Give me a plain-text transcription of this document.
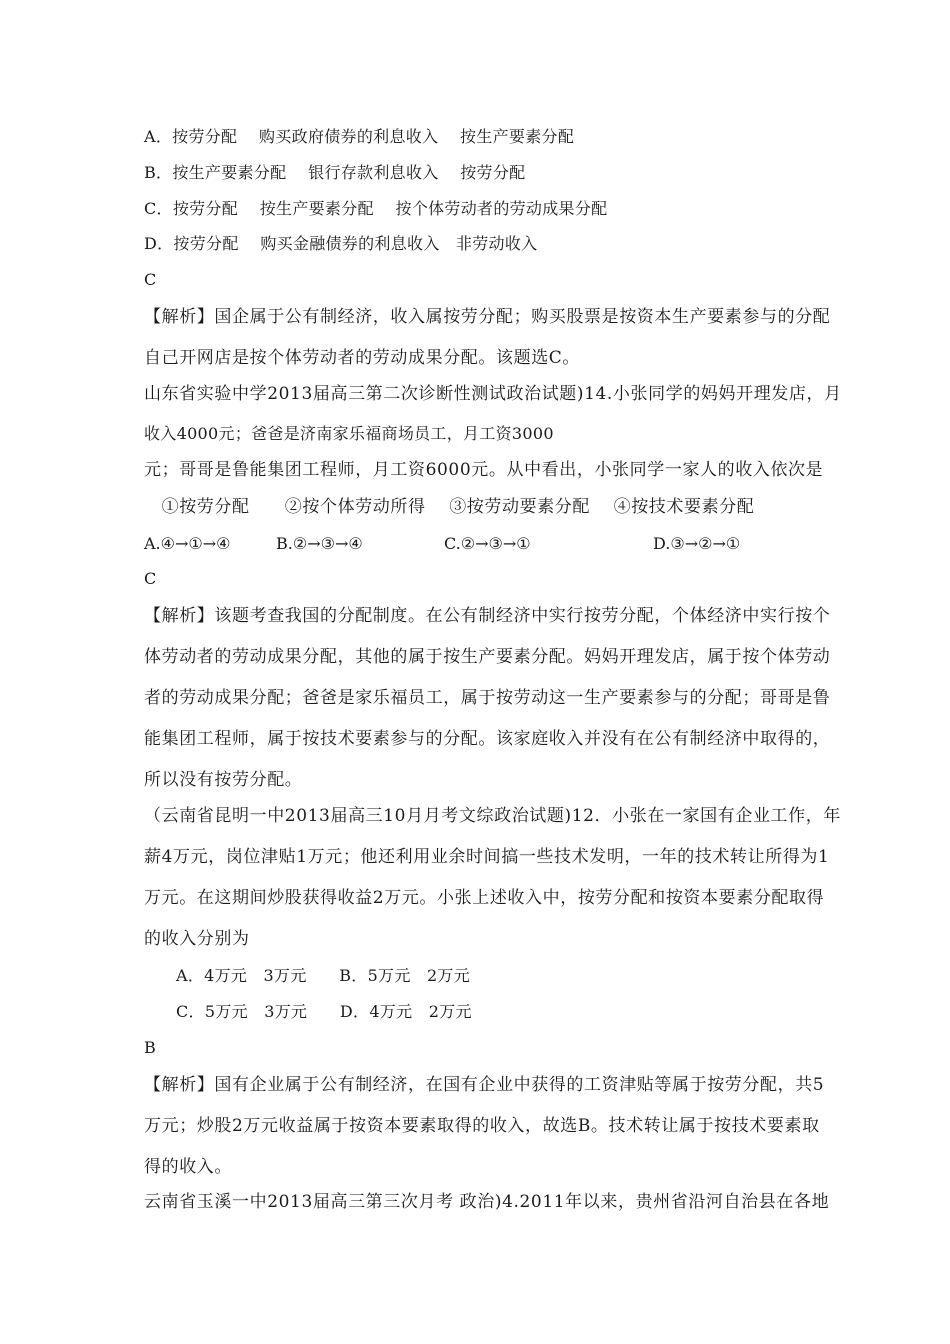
A．按劳分配　 购买政府债券的利息收入　 按生产要素分配
B．按生产要素分配　 银行存款利息收入　 按劳分配
C．按劳分配　 按生产要素分配　 按个体劳动者的劳动成果分配
D．按劳分配　 购买金融债券的利息收入　非劳动收入
C
【解析】国企属于公有制经济，收入属按劳分配；购买股票是按资本生产要素参与的分配
自己开网店是按个体劳动者的劳动成果分配。该题选C。
山东省实验中学2013届高三第二次诊断性测试政治试题)14.小张同学的妈妈开理发店，月
收入4000元；爸爸是济南家乐福商场员工，月工资3000
元；哥哥是鲁能集团工程师，月工资6000元。从中看出，小张同学一家人的收入依次是
　①按劳分配　　②按个体劳动所得　 ③按劳动要素分配　 ④按技术要素分配
A.④→①→④	B.②→③→④	C.②→③→①	D.③→②→①
C
【解析】该题考查我国的分配制度。在公有制经济中实行按劳分配，个体经济中实行按个
体劳动者的劳动成果分配，其他的属于按生产要素分配。妈妈开理发店，属于按个体劳动
者的劳动成果分配；爸爸是家乐福员工，属于按劳动这一生产要素参与的分配；哥哥是鲁
能集团工程师，属于按技术要素参与的分配。该家庭收入并没有在公有制经济中取得的，
所以没有按劳分配。
（云南省昆明一中2013届高三10月月考文综政治试题)12．小张在一家国有企业工作，年
薪4万元，岗位津贴1万元；他还利用业余时间搞一些技术发明，一年的技术转让所得为1
万元。在这期间炒股获得收益2万元。小张上述收入中，按劳分配和按资本要素分配取得
的收入分别为
A．4万元　3万元　　B．5万元　2万元
C．5万元　3万元　　D．4万元　2万元
B
【解析】国有企业属于公有制经济，在国有企业中获得的工资津贴等属于按劳分配，共5
万元；炒股2万元收益属于按资本要素取得的收入，故选B。技术转让属于按技术要素取
得的收入。
云南省玉溪一中2013届高三第三次月考 政治)4.2011年以来，贵州省沿河自治县在各地
